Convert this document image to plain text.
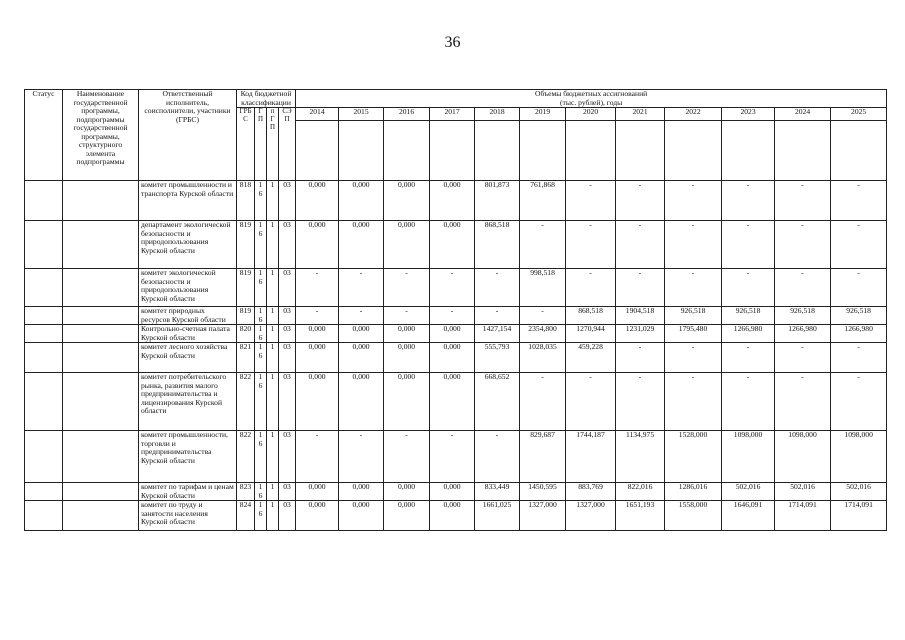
36
Статус	Наименование государственной программы, подпрограммы государственной программы, структурного элемента подпрограммы	Ответственный исполнитель, соисполнители, участники (ГРБС)	Код бюджетной классификации				Объемы бюджетных ассигнований
(тыс. рублей), годы											
			ГРБС	ГП	пГП	СЭП	2014	2015	2016	2017	2018	2019	2020	2021	2022	2023	2024	2025

		комитет промышленности и транспорта Курской области	818	16	1	03	0,000	0,000	0,000	0,000	801,873	761,868	-	-	-	-	-	-
		департамент экологической безопасности и природопользования Курской области	819	16	1	03	0,000	0,000	0,000	0,000	868,518	-	-	-	-	-	-	-
		комитет экологической безопасности и природопользования Курской области	819	16	1	03	-	-	-	-	-	998,518	-	-	-	-	-	-
		комитет природных ресурсов Курской области	819	16	1	03	-	-	-	-	-	-	868,518	1904,518	926,518	926,518	926,518	926,518
		Контрольно-счетная палата Курской области	820	16	1	03	0,000	0,000	0,000	0,000	1427,154	2354,800	1270,944	1231,029	1795,480	1266,980	1266,980	1266,980
		комитет лесного хозяйства Курской области	821	16	1	03	0,000	0,000	0,000	0,000	555,793	1028,035	459,228	-	-	-	-	-
		комитет потребительского рынка, развития малого предпринимательства и лицензирования Курской области	822	16	1	03	0,000	0,000	0,000	0,000	668,652	-	-	-	-	-	-	-
		комитет промышленности, торговли и предпринимательства Курской области	822	16	1	03	-	-	-	-	-	829,687	1744,187	1134,975	1528,000	1098,000	1098,000	1098,000
		комитет по тарифам и ценам Курской области	823	16	1	03	0,000	0,000	0,000	0,000	833,449	1450,595	883,769	822,016	1286,016	502,016	502,016	502,016
		комитет по труду и занятости населения Курской области	824	16	1	03	0,000	0,000	0,000	0,000	1661,025	1327,000	1327,000	1651,193	1558,000	1646,091	1714,091	1714,091
